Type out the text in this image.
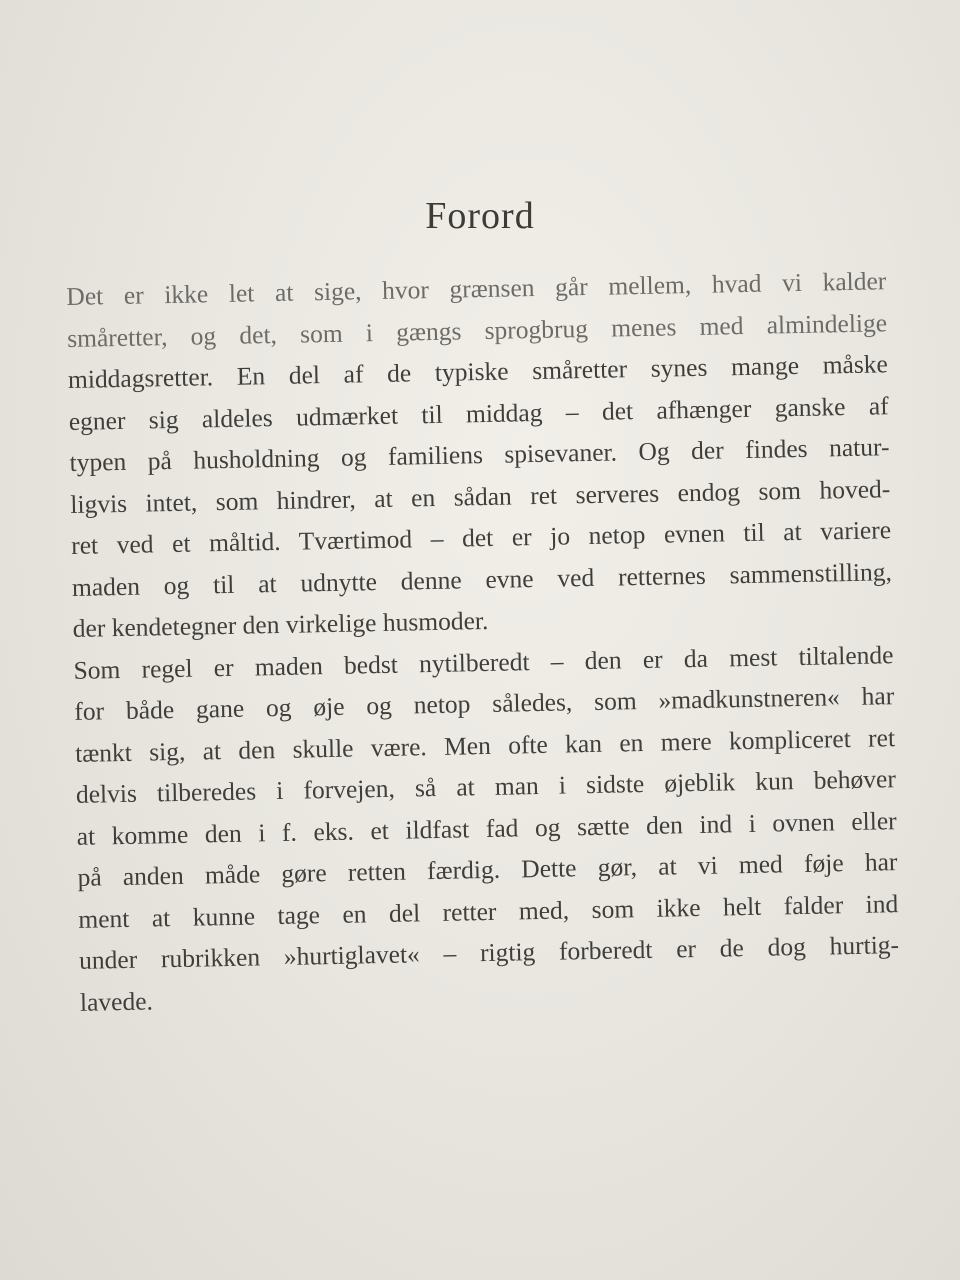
Forord
Det er ikke let at sige, hvor grænsen går mellem, hvad vi kalder
småretter, og det, som i gængs sprogbrug menes med almindelige
middagsretter. En del af de typiske småretter synes mange måske
egner sig aldeles udmærket til middag – det afhænger ganske af
typen på husholdning og familiens spisevaner. Og der findes natur-
ligvis intet, som hindrer, at en sådan ret serveres endog som hoved-
ret ved et måltid. Tværtimod – det er jo netop evnen til at variere
maden og til at udnytte denne evne ved retternes sammenstilling,
der kendetegner den virkelige husmoder.
Som regel er maden bedst nytilberedt – den er da mest tiltalende
for både gane og øje og netop således, som »madkunstneren« har
tænkt sig, at den skulle være. Men ofte kan en mere kompliceret ret
delvis tilberedes i forvejen, så at man i sidste øjeblik kun behøver
at komme den i f. eks. et ildfast fad og sætte den ind i ovnen eller
på anden måde gøre retten færdig. Dette gør, at vi med føje har
ment at kunne tage en del retter med, som ikke helt falder ind
under rubrikken »hurtiglavet« – rigtig forberedt er de dog hurtig-
lavede.
